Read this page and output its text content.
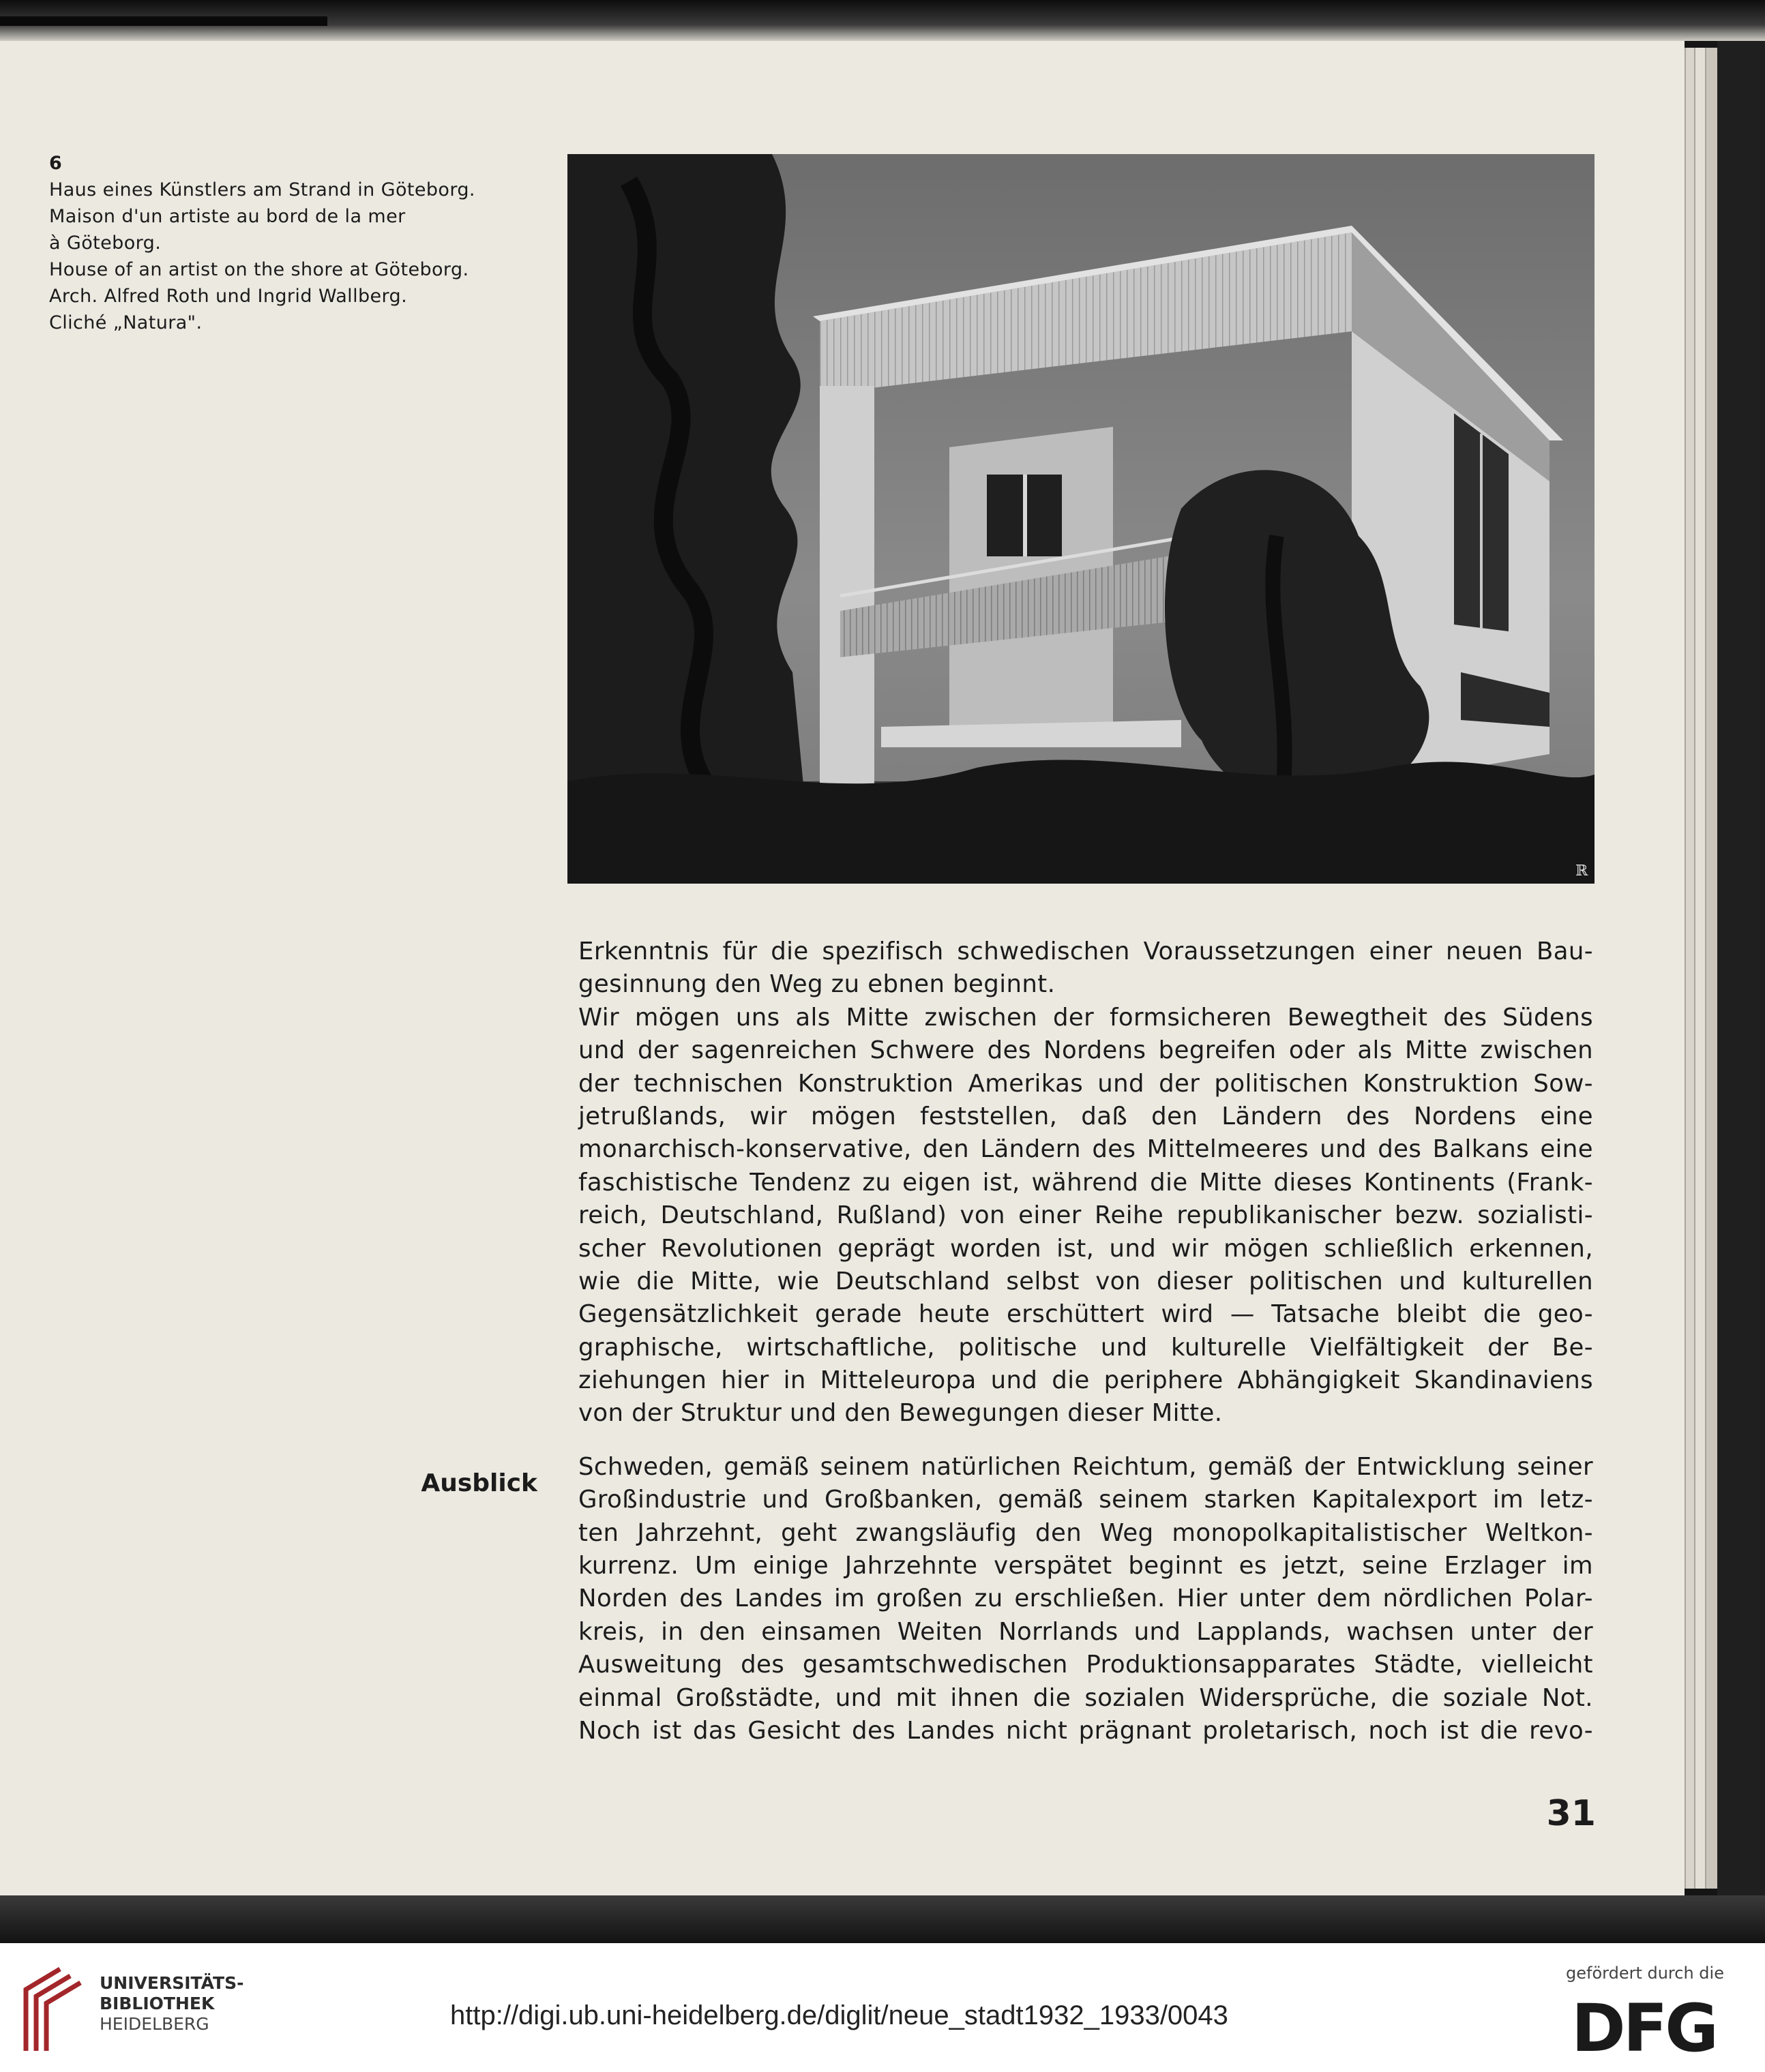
6
Haus eines Künstlers am Strand in Göteborg.
Maison d'un artiste au bord de la mer
à Göteborg.
House of an artist on the shore at Göteborg.
Arch. Alfred Roth und Ingrid Wallberg.
Cliché „Natura".
ℝ
Ausblick
Erkenntnis für die spezifisch schwedischen Voraussetzungen einer neuen Bau-
gesinnung den Weg zu ebnen beginnt.
Wir mögen uns als Mitte zwischen der formsicheren Bewegtheit des Südens
und der sagenreichen Schwere des Nordens begreifen oder als Mitte zwischen
der technischen Konstruktion Amerikas und der politischen Konstruktion Sow-
jetrußlands, wir mögen feststellen, daß den Ländern des Nordens eine
monarchisch-konservative, den Ländern des Mittelmeeres und des Balkans eine
faschistische Tendenz zu eigen ist, während die Mitte dieses Kontinents (Frank-
reich, Deutschland, Rußland) von einer Reihe republikanischer bezw. sozialisti-
scher Revolutionen geprägt worden ist, und wir mögen schließlich erkennen,
wie die Mitte, wie Deutschland selbst von dieser politischen und kulturellen
Gegensätzlichkeit gerade heute erschüttert wird — Tatsache bleibt die geo-
graphische, wirtschaftliche, politische und kulturelle Vielfältigkeit der Be-
ziehungen hier in Mitteleuropa und die periphere Abhängigkeit Skandinaviens
von der Struktur und den Bewegungen dieser Mitte.
Schweden, gemäß seinem natürlichen Reichtum, gemäß der Entwicklung seiner
Großindustrie und Großbanken, gemäß seinem starken Kapitalexport im letz-
ten Jahrzehnt, geht zwangsläufig den Weg monopolkapitalistischer Weltkon-
kurrenz. Um einige Jahrzehnte verspätet beginnt es jetzt, seine Erzlager im
Norden des Landes im großen zu erschließen. Hier unter dem nördlichen Polar-
kreis, in den einsamen Weiten Norrlands und Lapplands, wachsen unter der
Ausweitung des gesamtschwedischen Produktionsapparates Städte, vielleicht
einmal Großstädte, und mit ihnen die sozialen Widersprüche, die soziale Not.
Noch ist das Gesicht des Landes nicht prägnant proletarisch, noch ist die revo-
31
UNIVERSITÄTS-
BIBLIOTHEK
HEIDELBERG	http://digi.ub.uni-heidelberg.de/diglit/neue_stadt1932_1933/0043
gefördert durch die
DFG
